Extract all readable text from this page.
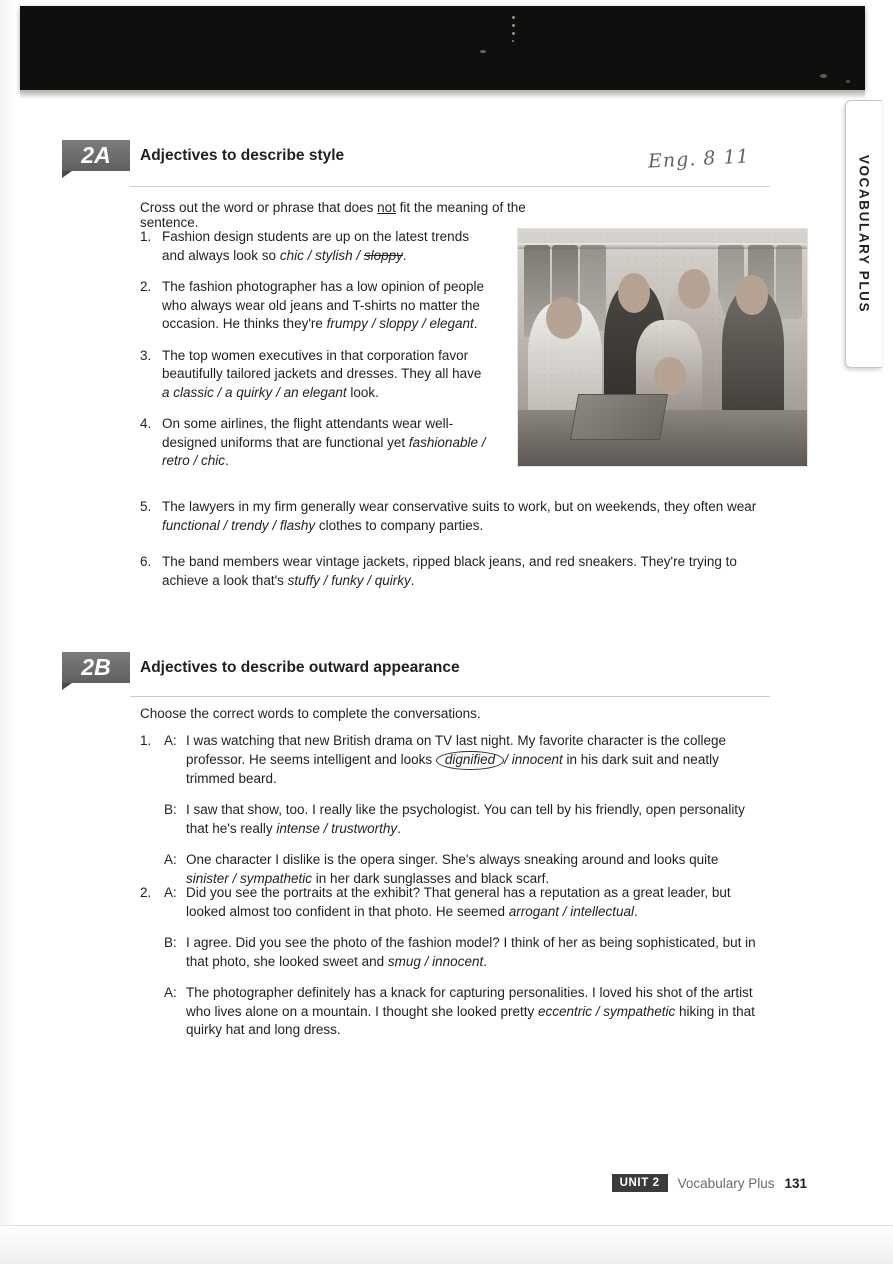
VOCABULARY PLUS
Eng. 8 11
2A Adjectives to describe style
Cross out the word or phrase that does not fit the meaning of the sentence.
1. Fashion design students are up on the latest trends and always look so chic / stylish / sloppy.
2. The fashion photographer has a low opinion of people who always wear old jeans and T-shirts no matter the occasion. He thinks they're frumpy / sloppy / elegant.
3. The top women executives in that corporation favor beautifully tailored jackets and dresses. They all have a classic / a quirky / an elegant look.
4. On some airlines, the flight attendants wear well-designed uniforms that are functional yet fashionable / retro / chic.
5. The lawyers in my firm generally wear conservative suits to work, but on weekends, they often wear functional / trendy / flashy clothes to company parties.
6. The band members wear vintage jackets, ripped black jeans, and red sneakers. They're trying to achieve a look that's stuffy / funky / quirky.
2B Adjectives to describe outward appearance
Choose the correct words to complete the conversations.
1. A: I was watching that new British drama on TV last night. My favorite character is the college professor. He seems intelligent and looks dignified / innocent in his dark suit and neatly trimmed beard.
B: I saw that show, too. I really like the psychologist. You can tell by his friendly, open personality that he's really intense / trustworthy.
A: One character I dislike is the opera singer. She's always sneaking around and looks quite sinister / sympathetic in her dark sunglasses and black scarf.
2. A: Did you see the portraits at the exhibit? That general has a reputation as a great leader, but looked almost too confident in that photo. He seemed arrogant / intellectual.
B: I agree. Did you see the photo of the fashion model? I think of her as being sophisticated, but in that photo, she looked sweet and smug / innocent.
A: The photographer definitely has a knack for capturing personalities. I loved his shot of the artist who lives alone on a mountain. I thought she looked pretty eccentric / sympathetic hiking in that quirky hat and long dress.
UNIT 2	Vocabulary Plus 131
